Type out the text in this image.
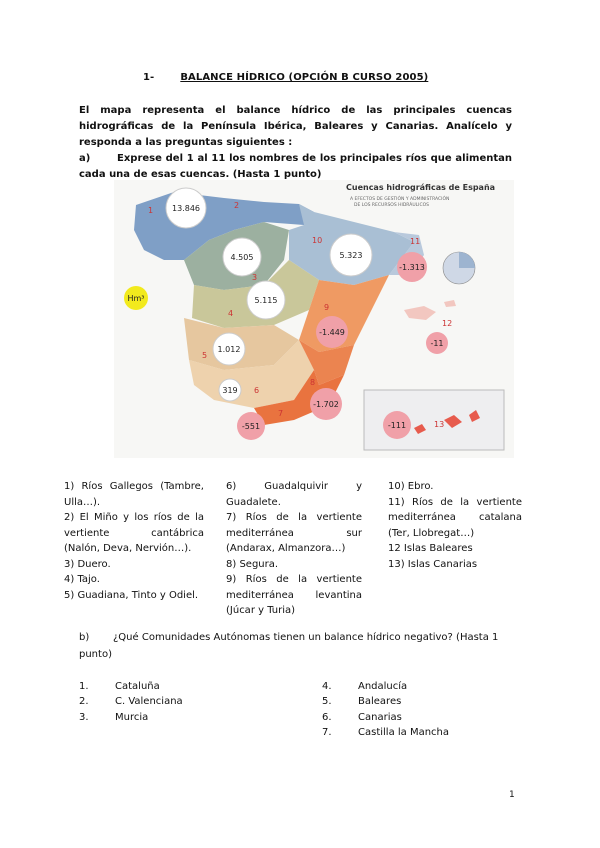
1-	BALANCE HÍDRICO (OPCIÓN B CURSO 2005)
El mapa representa el balance hídrico de las principales cuencas hidrográficas de la Península Ibérica, Baleares y Canarias. Analícelo y responda a las preguntas siguientes :
a)	Exprese del 1 al 11 los nombres de los principales ríos que alimentan cada una de esas cuencas. (Hasta 1 punto)
Cuencas hidrográficas de España
A EFECTOS DE GESTIÓN Y ADMINISTRACIÓN
DE LOS RECURSOS HIDRÁULICOS
Hm³
13.846
4.505	5.323
-1.313
5.115
1.012
-1.449
319
-1.702
-551
-11
-111
1
2
3
4
5
6
7
8
9
10	11
12
13

1) Ríos Gallegos (Tambre, Ulla…).

2) El Miño y los ríos de la vertiente cantábrica (Nalón, Deva, Nervión…).

3) Duero.

4) Tajo.

5) Guadiana, Tinto y Odiel.

6) Guadalquivir y Guadalete.

7) Ríos de la vertiente mediterránea sur (Andarax, Almanzora…)

8) Segura.

9) Ríos de la vertiente mediterránea levantina (Júcar y Turia)

10) Ebro.

11) Ríos de la vertiente mediterránea catalana (Ter, Llobregat…)

12 Islas Baleares

13) Islas Canarias

b) ¿Qué Comunidades Autónomas tienen un balance hídrico negativo? (Hasta 1 punto)
1.	Cataluña
2.	C. Valenciana
3.	Murcia
4.	Andalucía
5.	Baleares
6.	Canarias
7.	Castilla la Mancha
1
